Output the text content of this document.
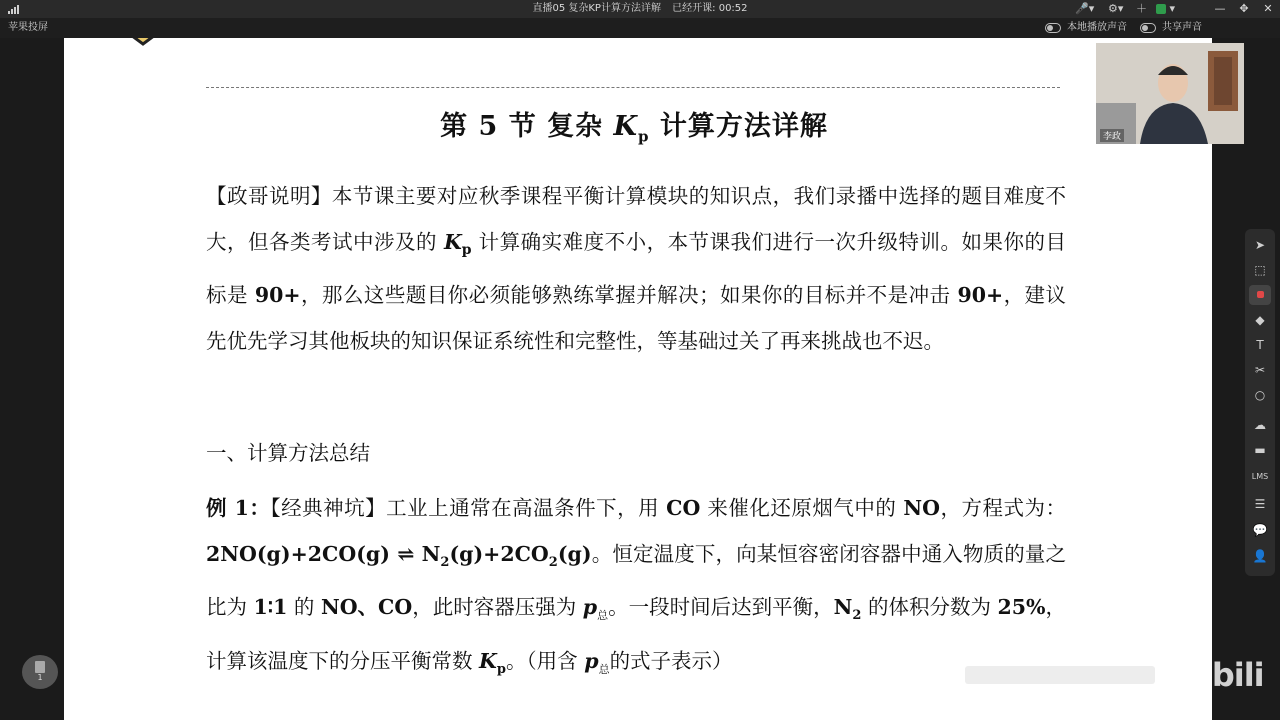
直播05 复杂KP计算方法详解 已经开课: 00:52	🎤▾ ⚙▾ ＋	▾	—	✥	✕
苹果投屏	本地播放声音	共享声音
第 5 节 复杂 $K_p$ 计算方法详解
【政哥说明】本节课主要对应秋季课程平衡计算模块的知识点，我们录播中选择的题目难度不大，但各类考试中涉及的 $K_p$ 计算确实难度不小，本节课我们进行一次升级特训。如果你的目标是 90+，那么这些题目你必须能够熟练掌握并解决；如果你的目标并不是冲击 90+，建议先优先学习其他板块的知识保证系统性和完整性，等基础过关了再来挑战也不迟。
一、计算方法总结
例 1：【经典神坑】工业上通常在高温条件下，用 CO 来催化还原烟气中的 NO，方程式为：2NO(g)+2CO(g) ⇌ $N_2(g)+2CO_2(g)$。恒定温度下，向某恒容密闭容器中通入物质的量之比为 1∶1 的 NO、CO，此时容器压强为 $p_总$。一段时间后达到平衡，$N_2$ 的体积分数为 25%，计算该温度下的分压平衡常数 $K_p$。（用含 $p_总$的式子表示）
李政
➤
⬚
◆
T
✂
○
☁
▬
LMS
☰
💬
👤
1	bilibili
